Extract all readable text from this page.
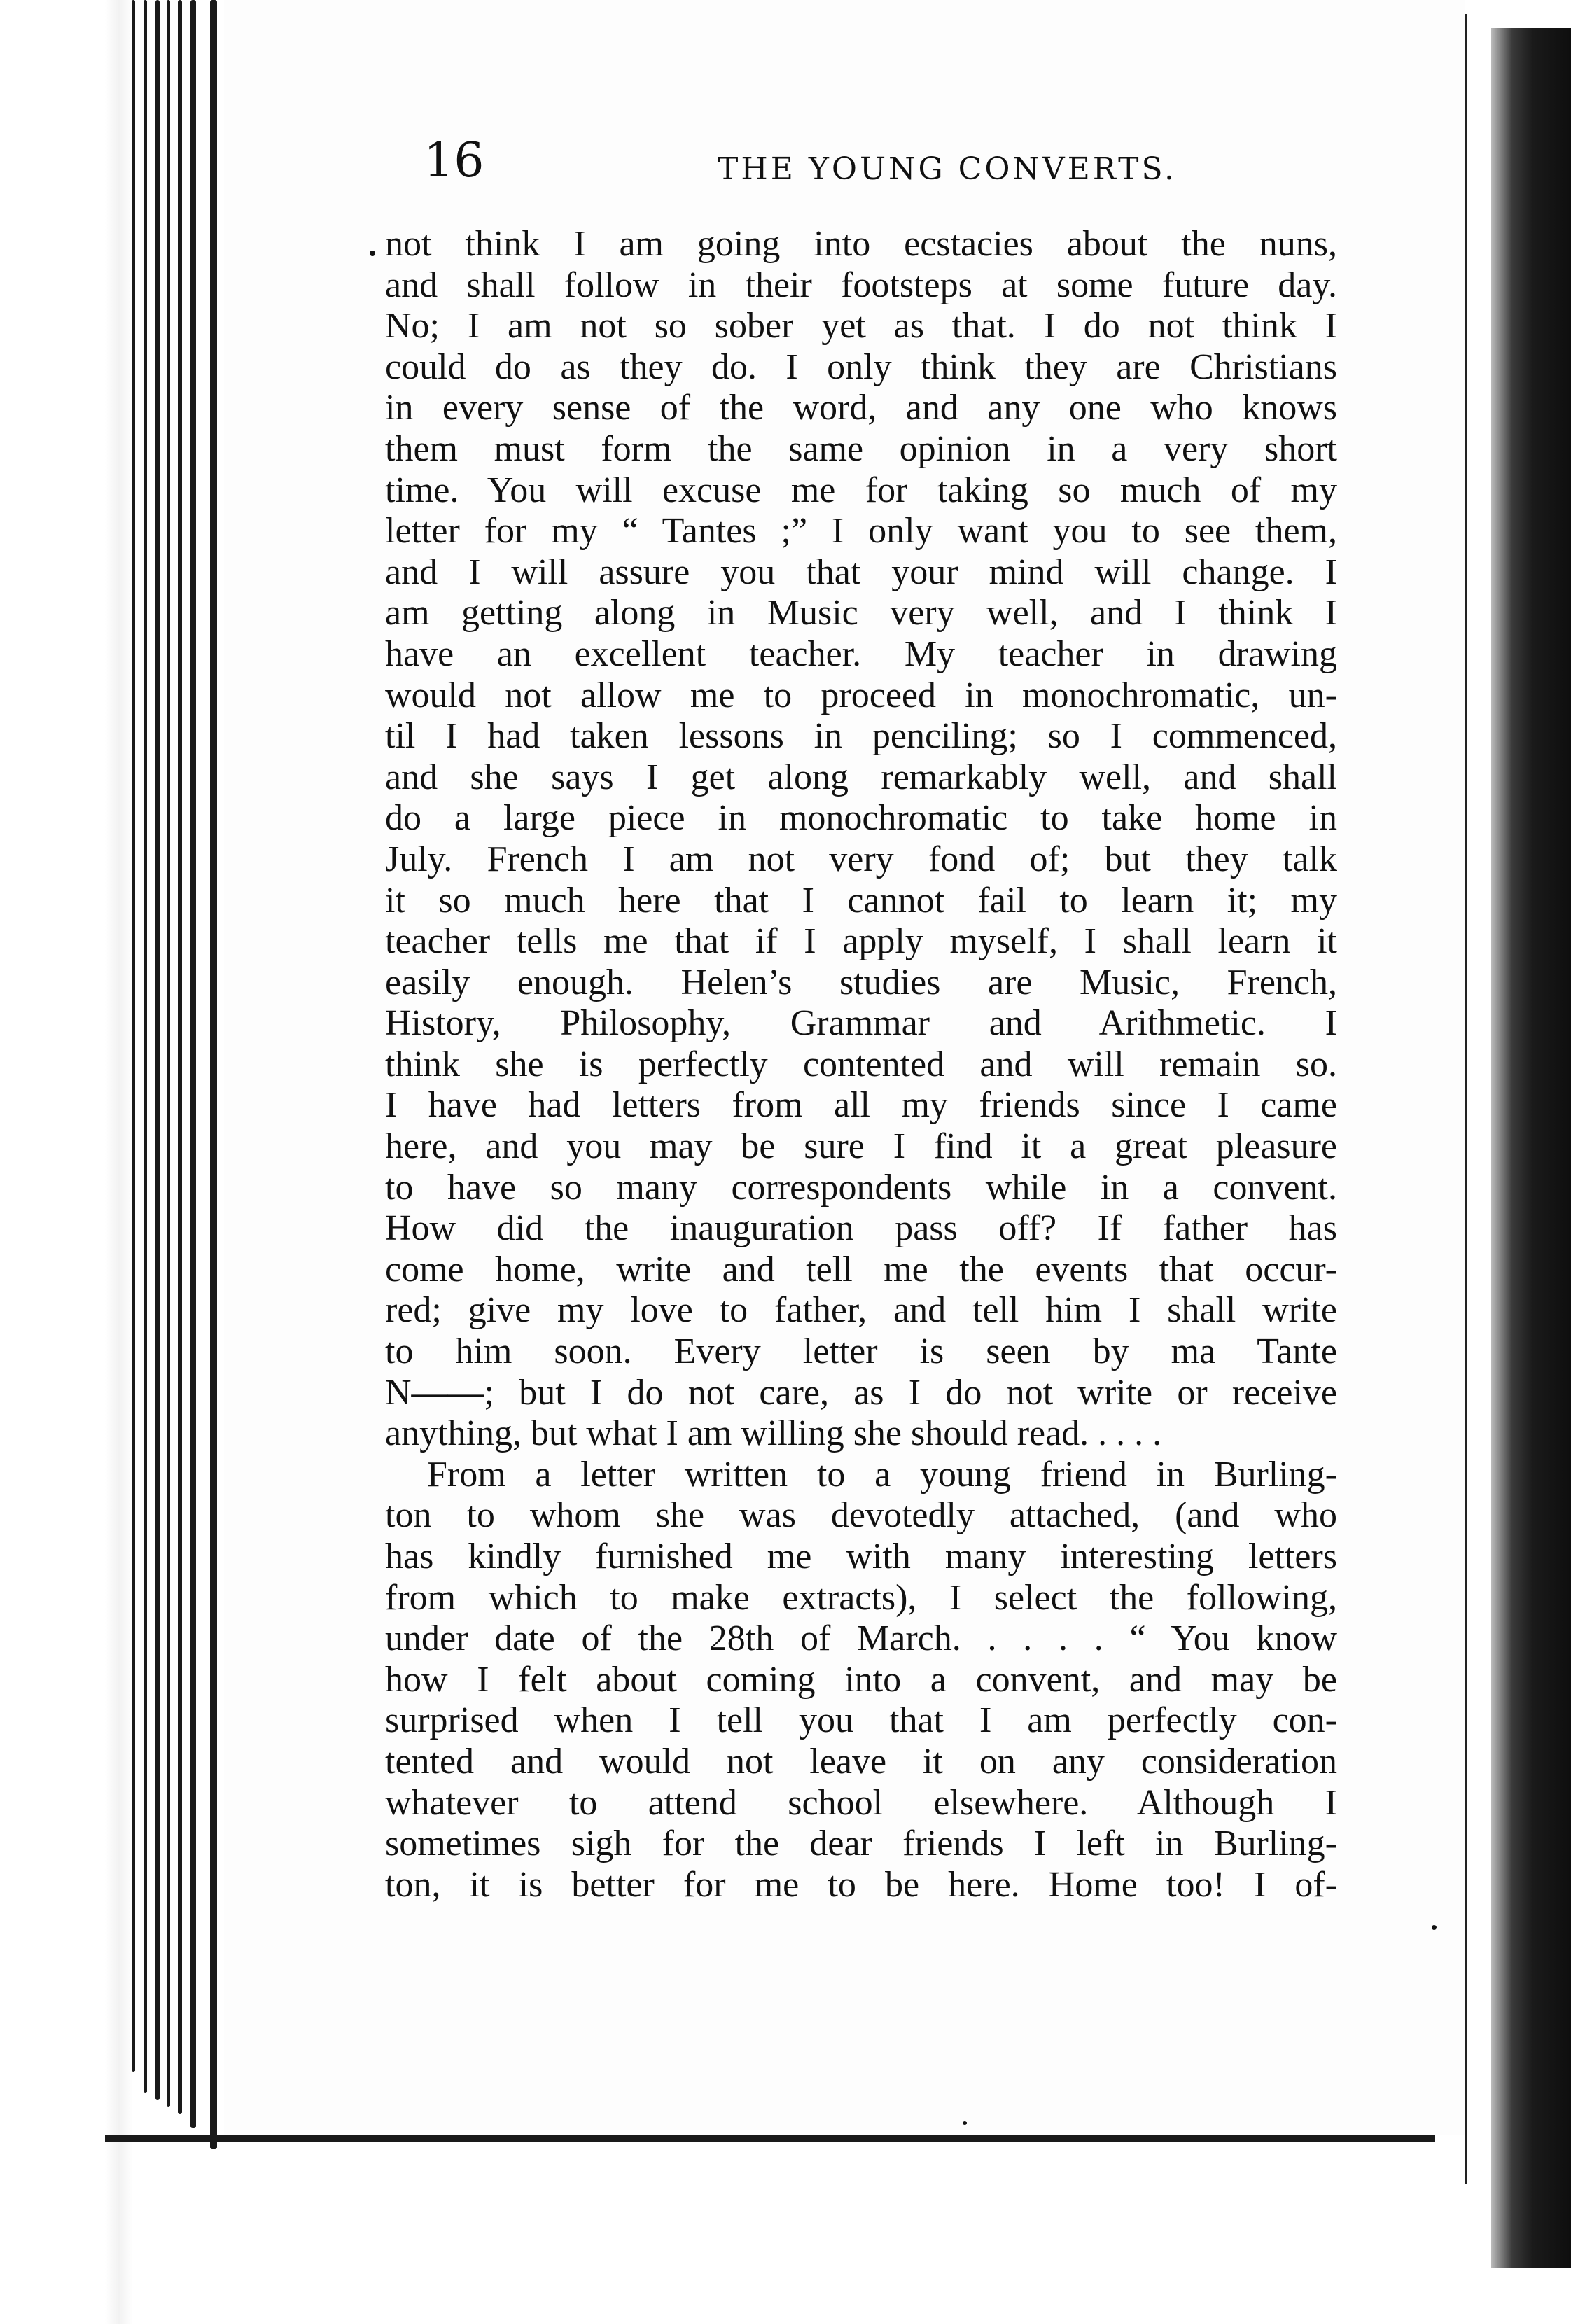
16	THE YOUNG CONVERTS.
not think I am going into ecstacies about the nuns,
and shall follow in their footsteps at some future day.
No; I am not so sober yet as that. I do not think I
could do as they do. I only think they are Christians
in every sense of the word, and any one who knows
them must form the same opinion in a very short
time. You will excuse me for taking so much of my
letter for my “ Tantes ;” I only want you to see them,
and I will assure you that your mind will change. I
am getting along in Music very well, and I think I
have an excellent teacher. My teacher in drawing
would not allow me to proceed in monochromatic, un-
til I had taken lessons in penciling; so I commenced,
and she says I get along remarkably well, and shall
do a large piece in monochromatic to take home in
July. French I am not very fond of; but they talk
it so much here that I cannot fail to learn it; my
teacher tells me that if I apply myself, I shall learn it
easily enough. Helen’s studies are Music, French,
History, Philosophy, Grammar and Arithmetic. I
think she is perfectly contented and will remain so.
I have had letters from all my friends since I came
here, and you may be sure I find it a great pleasure
to have so many correspondents while in a convent.
How did the inauguration pass off? If father has
come home, write and tell me the events that occur-
red; give my love to father, and tell him I shall write
to him soon. Every letter is seen by ma Tante
N——; but I do not care, as I do not write or receive
anything, but what I am willing she should read. . . . .
From a letter written to a young friend in Burling-
ton to whom she was devotedly attached, (and who
has kindly furnished me with many interesting letters
from which to make extracts), I select the following,
under date of the 28th of March. . . . . “ You know
how I felt about coming into a convent, and may be
surprised when I tell you that I am perfectly con-
tented and would not leave it on any consideration
whatever to attend school elsewhere. Although I
sometimes sigh for the dear friends I left in Burling-
ton, it is better for me to be here. Home too! I of-
